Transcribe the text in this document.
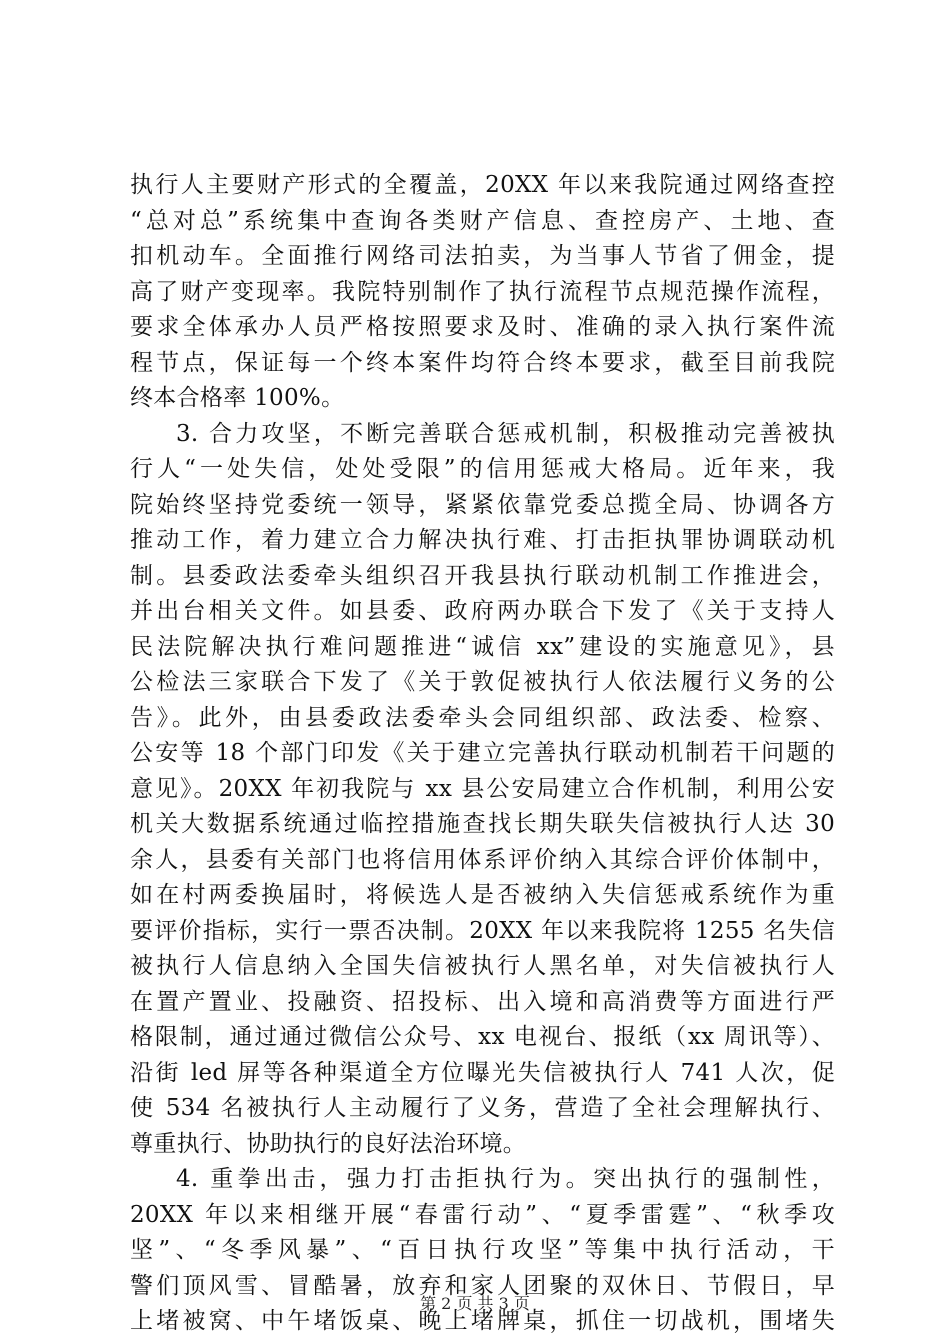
执行人主要财产形式的全覆盖，20XX 年以来我院通过网络查控
“总对总”系统集中查询各类财产信息、查控房产、土地、查
扣机动车。全面推行网络司法拍卖，为当事人节省了佣金，提
高了财产变现率。我院特别制作了执行流程节点规范操作流程，
要求全体承办人员严格按照要求及时、准确的录入执行案件流
程节点，保证每一个终本案件均符合终本要求，截至目前我院
终本合格率 100%。
3. 合力攻坚，不断完善联合惩戒机制，积极推动完善被执
行人“一处失信，处处受限”的信用惩戒大格局。近年来，我
院始终坚持党委统一领导，紧紧依靠党委总揽全局、协调各方
推动工作，着力建立合力解决执行难、打击拒执罪协调联动机
制。县委政法委牵头组织召开我县执行联动机制工作推进会，
并出台相关文件。如县委、政府两办联合下发了《关于支持人
民法院解决执行难问题推进“诚信 xx”建设的实施意见》，县
公检法三家联合下发了《关于敦促被执行人依法履行义务的公
告》。此外，由县委政法委牵头会同组织部、政法委、检察、
公安等 18 个部门印发《关于建立完善执行联动机制若干问题的
意见》。20XX 年初我院与 xx 县公安局建立合作机制，利用公安
机关大数据系统通过临控措施查找长期失联失信被执行人达 30
余人，县委有关部门也将信用体系评价纳入其综合评价体制中，
如在村两委换届时，将候选人是否被纳入失信惩戒系统作为重
要评价指标，实行一票否决制。20XX 年以来我院将 1255 名失信
被执行人信息纳入全国失信被执行人黑名单，对失信被执行人
在置产置业、投融资、招投标、出入境和高消费等方面进行严
格限制，通过通过微信公众号、xx 电视台、报纸（xx 周讯等）、
沿街 led 屏等各种渠道全方位曝光失信被执行人 741 人次，促
使 534 名被执行人主动履行了义务，营造了全社会理解执行、
尊重执行、协助执行的良好法治环境。
4. 重拳出击，强力打击拒执行为。突出执行的强制性，
20XX 年以来相继开展“春雷行动”、“夏季雷霆”、“秋季攻
坚”、“冬季风暴”、“百日执行攻坚”等集中执行活动，干
警们顶风雪、冒酷暑，放弃和家人团聚的双休日、节假日，早
上堵被窝、中午堵饭桌、晚上堵牌桌，抓住一切战机，围堵失
第 2 页 共 3 页
